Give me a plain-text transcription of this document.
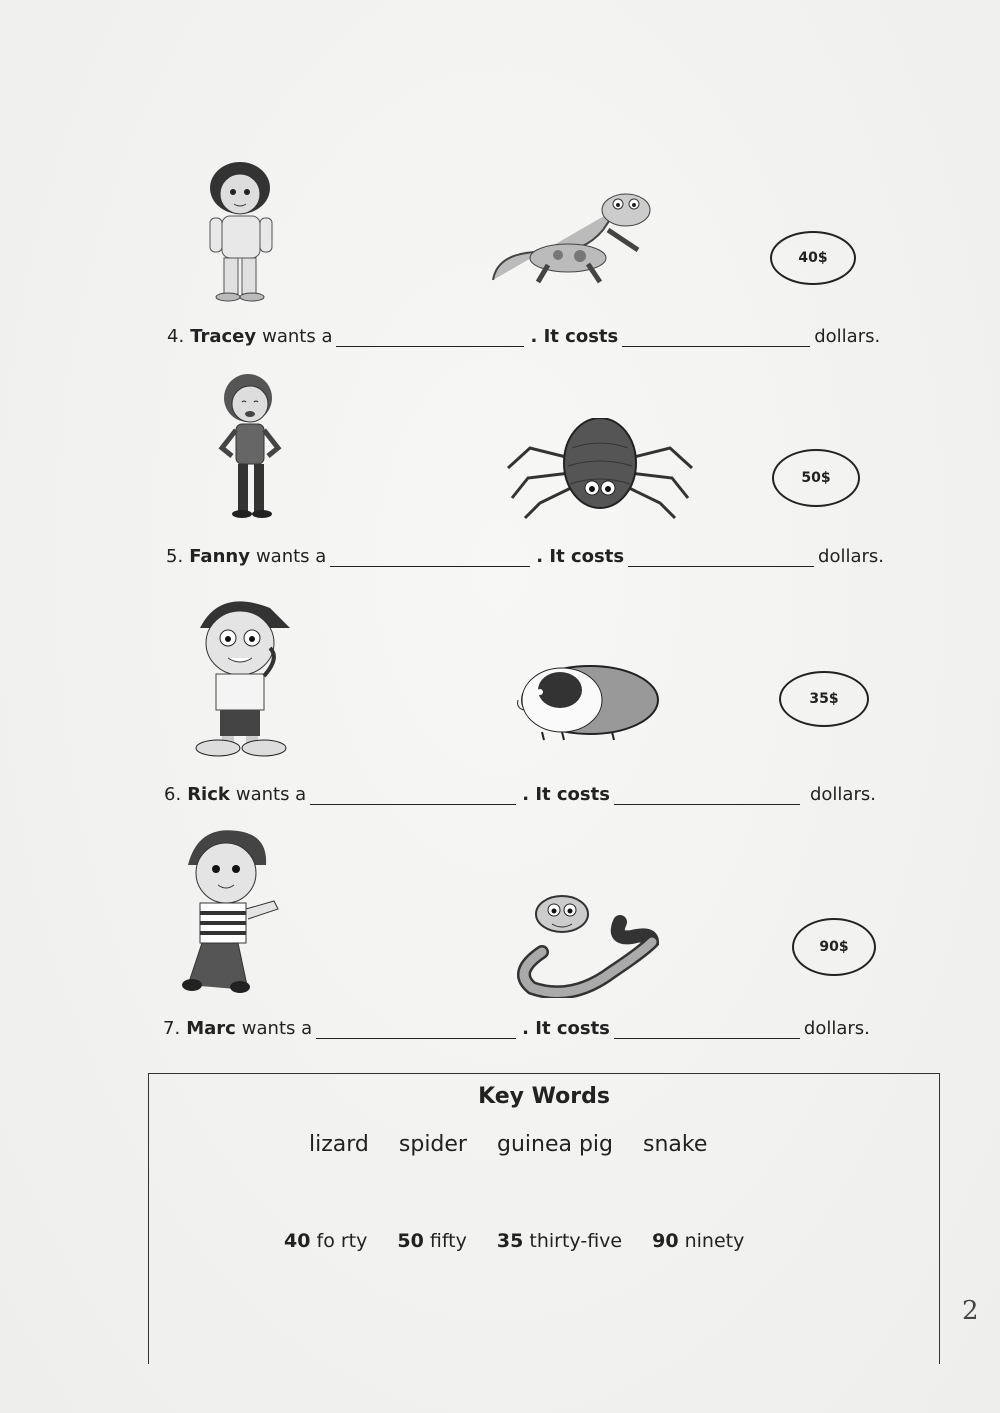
40$
4. Tracey wants a	. It costs	dollars.
50$
5. Fanny wants a	. It costs	dollars.
35$
6. Rick wants a	. It costs	dollars.
90$
7. Marc wants a	. It costs	dollars.
Key Words
lizard spider guinea pig snake
40 fo rty 50 fifty 35 thirty-five 90 ninety
2
